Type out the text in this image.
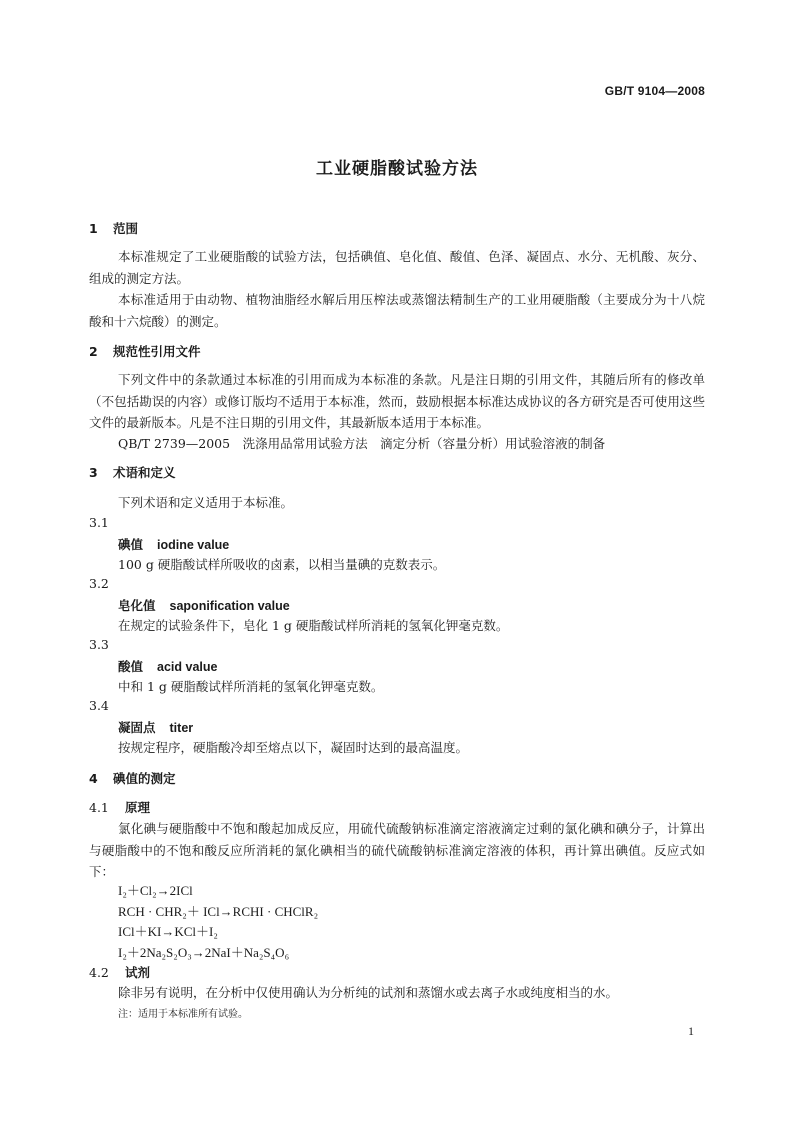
GB/T 9104—2008
工业硬脂酸试验方法
1 范围
本标准规定了工业硬脂酸的试验方法，包括碘值、皂化值、酸值、色泽、凝固点、水分、无机酸、灰分、组成的测定方法。
本标准适用于由动物、植物油脂经水解后用压榨法或蒸馏法精制生产的工业用硬脂酸（主要成分为十八烷酸和十六烷酸）的测定。
2 规范性引用文件
下列文件中的条款通过本标准的引用而成为本标准的条款。凡是注日期的引用文件，其随后所有的修改单（不包括勘误的内容）或修订版均不适用于本标准，然而，鼓励根据本标准达成协议的各方研究是否可使用这些文件的最新版本。凡是不注日期的引用文件，其最新版本适用于本标准。
QB/T 2739—2005　洗涤用品常用试验方法　滴定分析（容量分析）用试验溶液的制备
3 术语和定义
下列术语和定义适用于本标准。
3.1
碘值 iodine value
100 g 硬脂酸试样所吸收的卤素，以相当量碘的克数表示。
3.2
皂化值 saponification value
在规定的试验条件下，皂化 1 g 硬脂酸试样所消耗的氢氧化钾毫克数。
3.3
酸值 acid value
中和 1 g 硬脂酸试样所消耗的氢氧化钾毫克数。
3.4
凝固点 titer
按规定程序，硬脂酸冷却至熔点以下，凝固时达到的最高温度。
4 碘值的测定
4.1 原理
氯化碘与硬脂酸中不饱和酸起加成反应，用硫代硫酸钠标准滴定溶液滴定过剩的氯化碘和碘分子，计算出与硬脂酸中的不饱和酸反应所消耗的氯化碘相当的硫代硫酸钠标准滴定溶液的体积，再计算出碘值。反应式如下：
I₂＋Cl₂→2ICl
RCH · CHR₂＋ ICl→RCHI · CHClR₂
ICl＋KI→KCl＋I₂
I₂＋2Na₂S₂O₃→2NaI＋Na₂S₄O₆
4.2 试剂
除非另有说明，在分析中仅使用确认为分析纯的试剂和蒸馏水或去离子水或纯度相当的水。
注：适用于本标准所有试验。
1
